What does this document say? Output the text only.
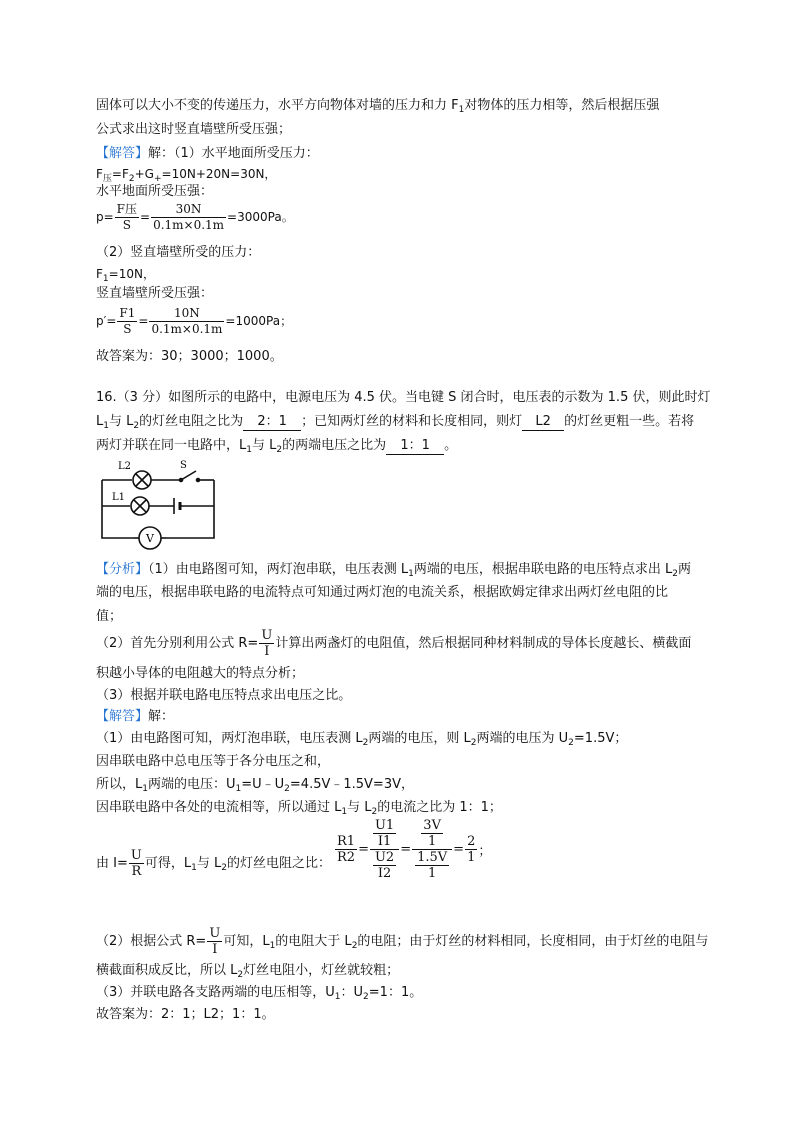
固体可以大小不变的传递压力，水平方向物体对墙的压力和力 $F_1$对物体的压力相等，然后根据压强
公式求出这时竖直墙壁所受压强；
【解答】解：（1）水平地面所受压力：
$F_压=F_2+G_+=10N+20N=30N$，
水平地面所受压强：
$p= \frac{\text{F压}}{S} = \frac{30N}{0.1m\times 0.1m} =3000Pa$。
（2）竖直墙壁所受的压力：
$F_1=10N$，
竖直墙壁所受压强：
$p'= \frac{F1}{S} = \frac{10N}{0.1m\times 0.1m} =1000Pa$；
故答案为：30；3000；1000。
16.（3 分）如图所示的电路中，电源电压为 4.5 伏。当电键 S 闭合时，电压表的示数为 1.5 伏，则此时灯
$L_1$与 $L_2$的灯丝电阻之比为 2：1 ；已知两灯丝的材料和长度相同，则灯 L2 的灯丝更粗一些。若将
两灯并联在同一电路中，$L_1$与 $L_2$的两端电压之比为 1：1 。
L2	S
L1
V
【分析】（1）由电路图可知，两灯泡串联，电压表测 $L_1$两端的电压，根据串联电路的电压特点求出 $L_2$两
端的电压，根据串联电路的电流特点可知通过两灯泡的电流关系，根据欧姆定律求出两灯丝电阻的比
值；
（2）首先分别利用公式 $R= \frac{U}{I}$ 计算出两盏灯的电阻值，然后根据同种材料制成的导体长度越长、横截面
积越小导体的电阻越大的特点分析；
（3）根据并联电路电压特点求出电压之比。
【解答】解：
（1）由电路图可知，两灯泡串联，电压表测 $L_2$两端的电压，则 $L_2$两端的电压为 $U_2=1.5V$；
因串联电路中总电压等于各分电压之和，
所以，$L_1$两端的电压：$U_1=U﹣U_2=4.5V﹣1.5V=3V$，
因串联电路中各处的电流相等，所以通过 $L_1$与 $L_2$的电流之比为 1：1；
由 $I= \frac{U}{R}$ 可得，$L_1$与 $L_2$的灯丝电阻之比： $\frac{R1}{R2} = \frac{\frac{U1}{I1}}{\frac{U2}{I2}} = \frac{\frac{3V}{1}}{\frac{1.5V}{1}} = \frac{2}{1}$ ；
（2）根据公式 $R= \frac{U}{I}$ 可知，$L_1$的电阻大于 $L_2$的电阻；由于灯丝的材料相同，长度相同，由于灯丝的电阻与
横截面积成反比，所以 $L_2$灯丝电阻小，灯丝就较粗；
（3）并联电路各支路两端的电压相等，$U_1$：$U_2=1$：1。
故答案为：2：1；L2；1：1。
